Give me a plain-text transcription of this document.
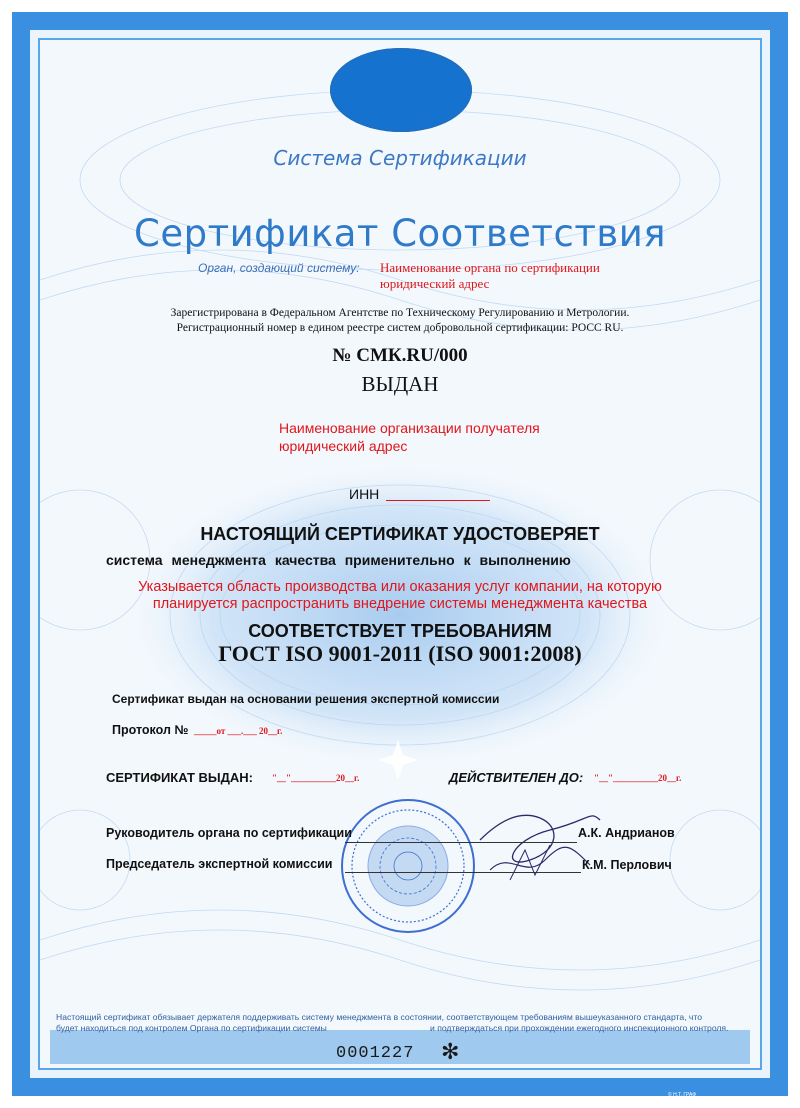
Система Сертификации
Сертификат Соответствия
Орган, создающий систему: Наименование органа по сертификации
юридический адрес
Зарегистрирована в Федеральном Агентстве по Техническому Регулированию и Метрологии.
Регистрационный номер в едином реестре систем добровольной сертификации: РОСС RU.
№ СМК.RU/000
ВЫДАН
Наименование организации получателя
юридический адрес
ИНН
НАСТОЯЩИЙ СЕРТИФИКАТ УДОСТОВЕРЯЕТ
система менеджмента качества применительно к выполнению
Указывается область производства или оказания услуг компании, на которую
планируется распространить внедрение системы менеджмента качества
СООТВЕТСТВУЕТ ТРЕБОВАНИЯМ
ГОСТ ISO 9001-2011 (ISO 9001:2008)
Сертификат выдан на основании решения экспертной комиссии
Протокол № _____от ___.___ 20__г.
СЕРТИФИКАТ ВЫДАН: "__"__________20__г.	ДЕЙСТВИТЕЛЕН ДО: "__"__________20__г.
Руководитель органа по сертификации	А.К. Андрианов
Председатель экспертной комиссии	К.М. Перлович
Настоящий сертификат обязывает держателя поддерживать систему менеджмента в состоянии, соответствующем требованиям вышеуказанного стандарта, что
будет находиться под контролем Органа по сертификации системы	и подтверждаться при прохождении ежегодного инспекционного контроля.
0001227 ✻
© Н.Т. ГРАФ
